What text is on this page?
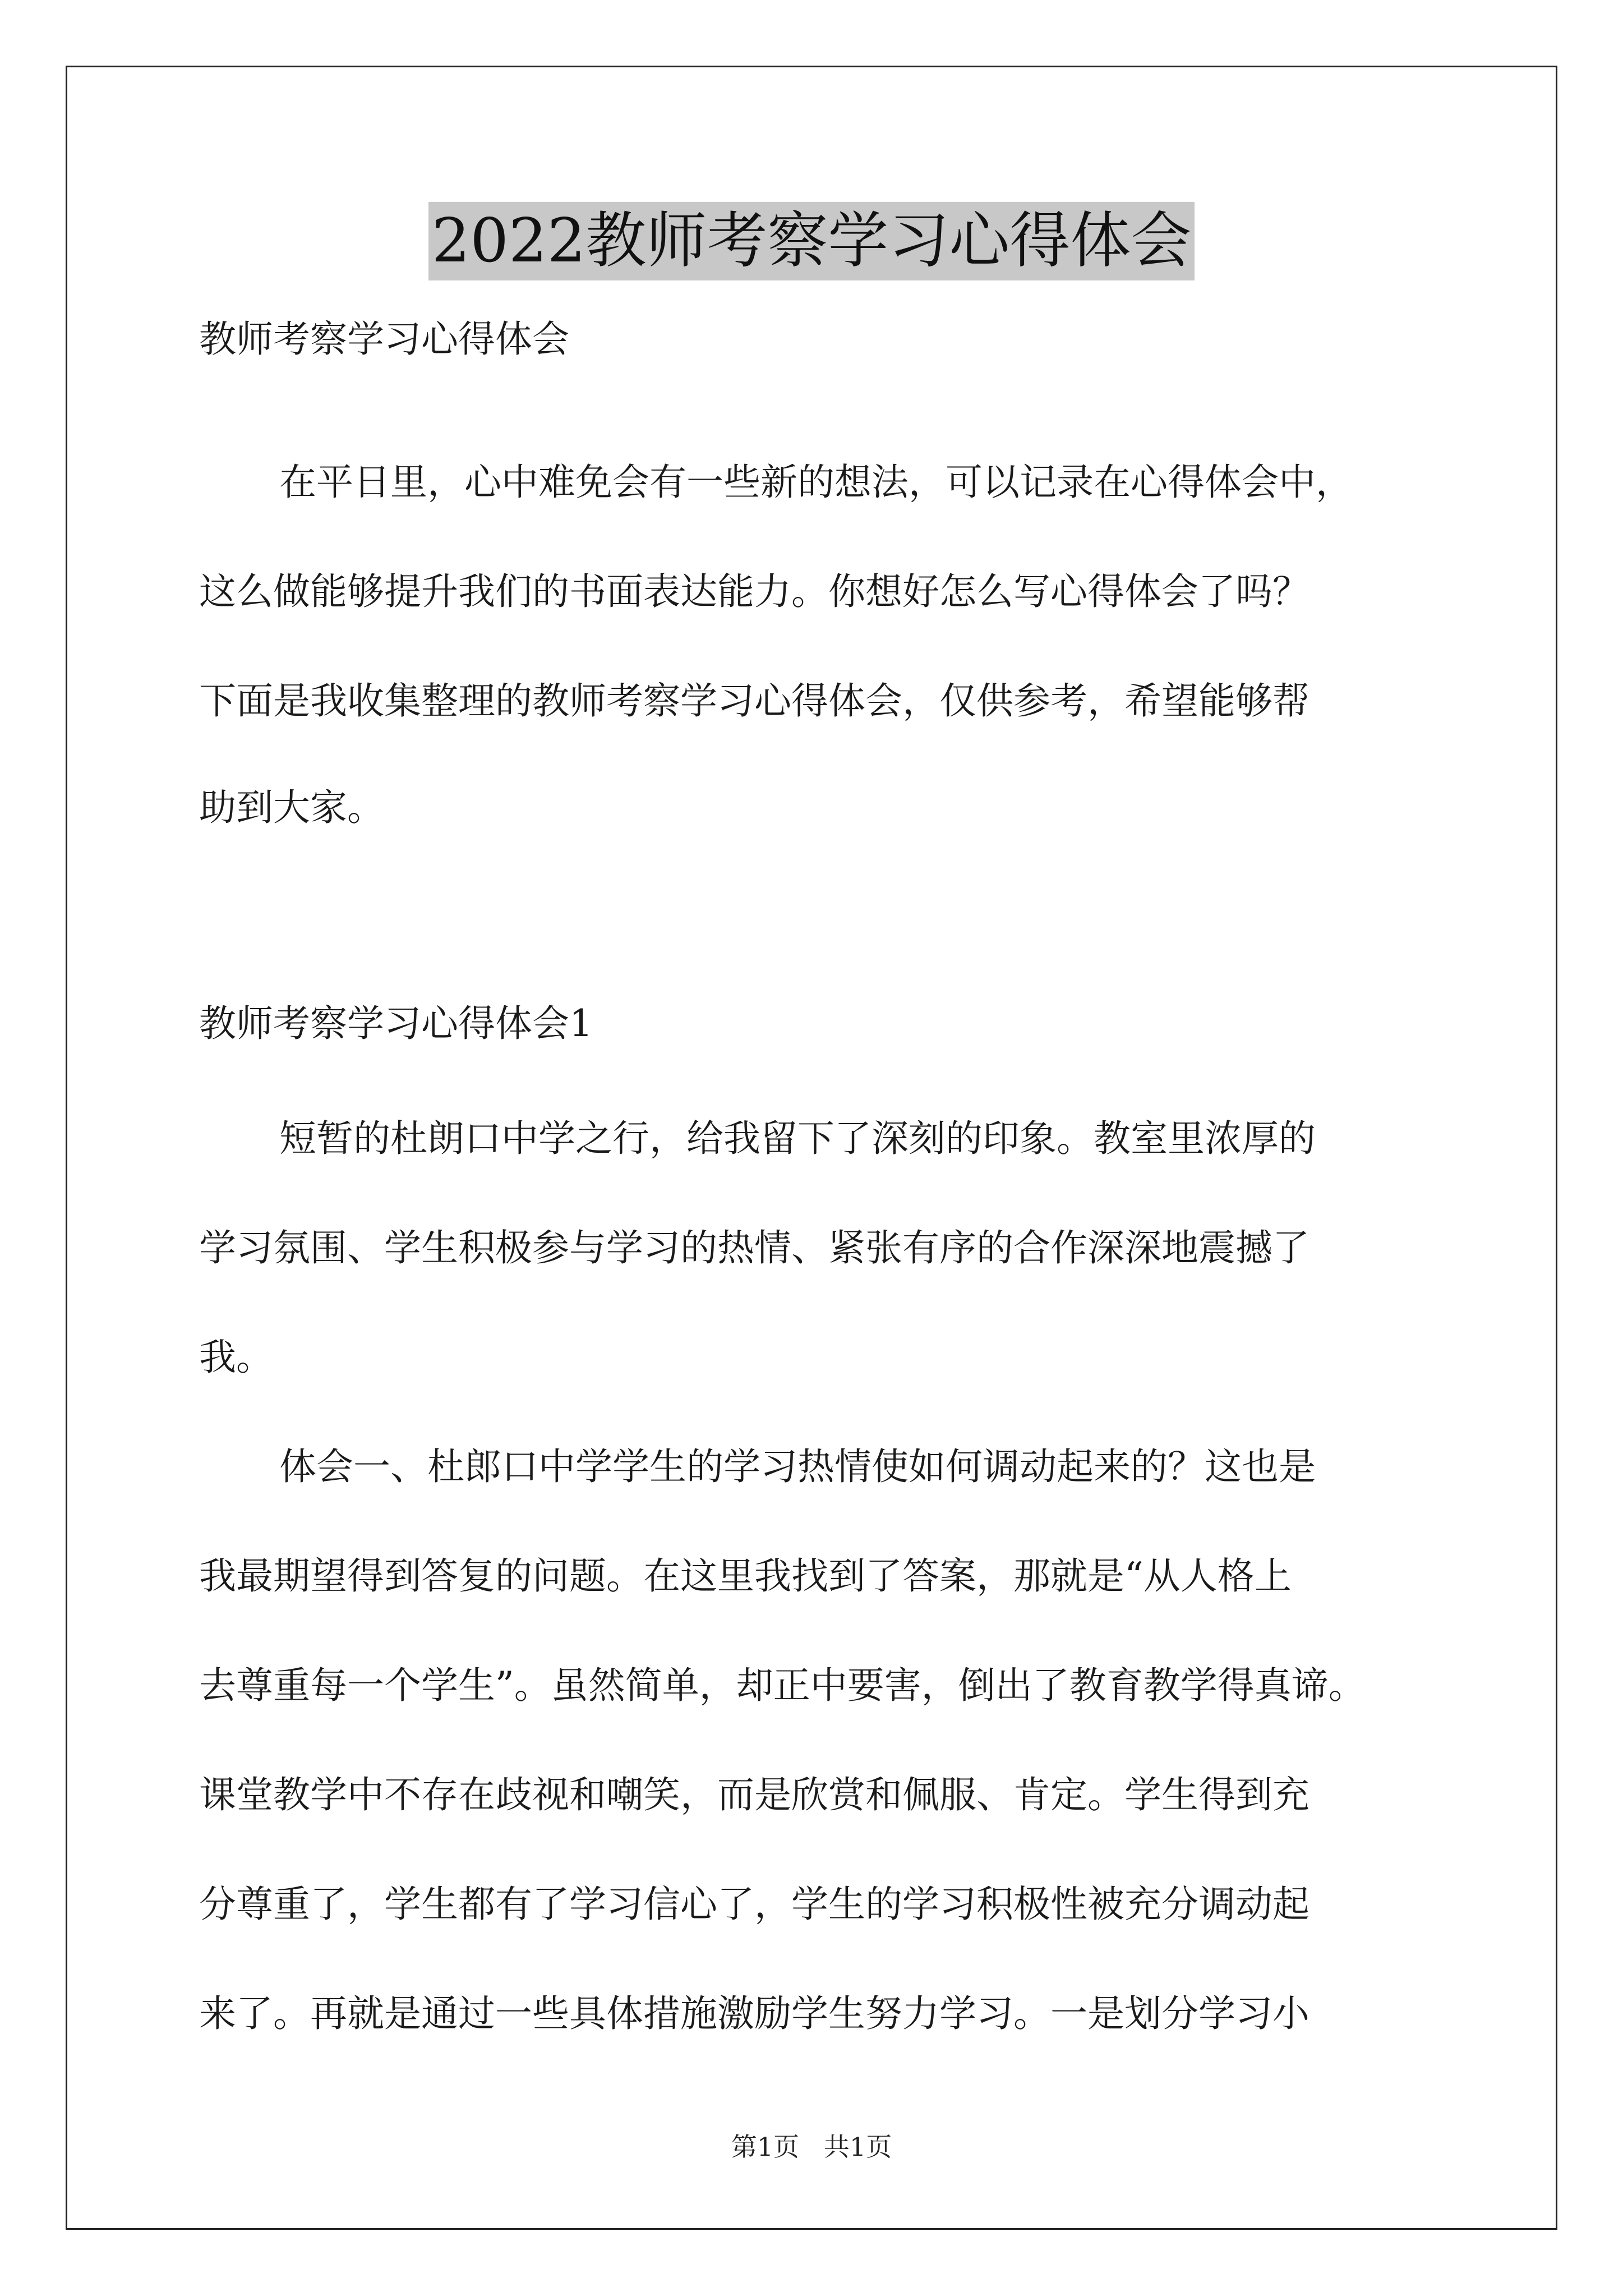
2022教师考察学习心得体会
教师考察学习心得体会
在平日里，心中难免会有一些新的想法，可以记录在心得体会中，
这么做能够提升我们的书面表达能力。你想好怎么写心得体会了吗？
下面是我收集整理的教师考察学习心得体会，仅供参考，希望能够帮
助到大家。
教师考察学习心得体会1
短暂的杜朗口中学之行，给我留下了深刻的印象。教室里浓厚的
学习氛围、学生积极参与学习的热情、紧张有序的合作深深地震撼了
我。
体会一、杜郎口中学学生的学习热情使如何调动起来的？这也是
我最期望得到答复的问题。在这里我找到了答案，那就是“从人格上
去尊重每一个学生”。虽然简单，却正中要害，倒出了教育教学得真谛。
课堂教学中不存在歧视和嘲笑，而是欣赏和佩服、肯定。学生得到充
分尊重了，学生都有了学习信心了，学生的学习积极性被充分调动起
来了。再就是通过一些具体措施激励学生努力学习。一是划分学习小
第1页   共1页
